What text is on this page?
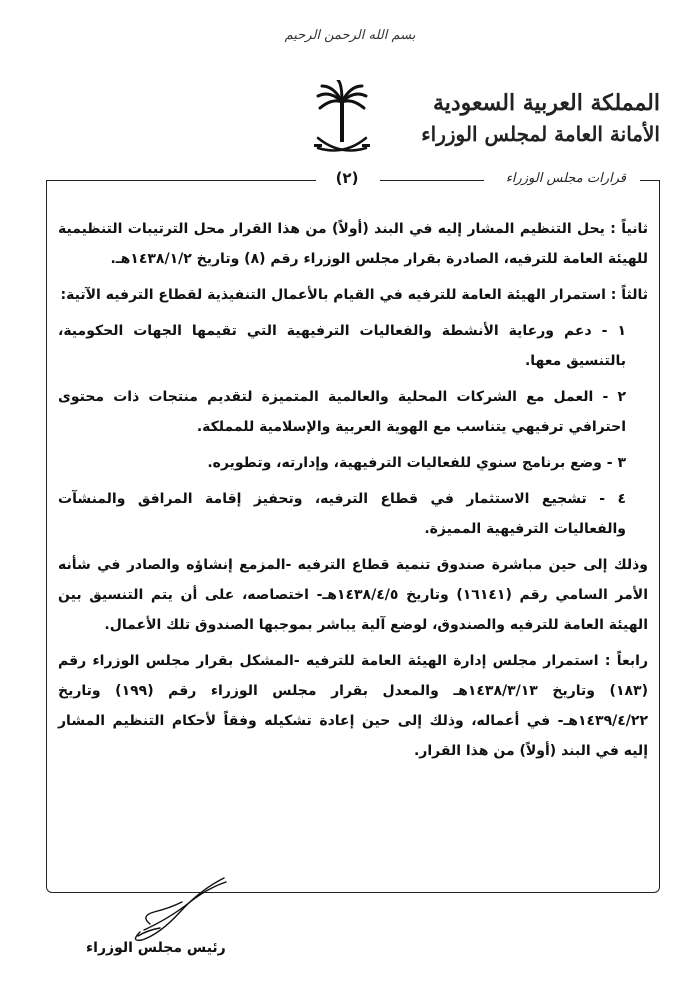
بسم الله الرحمن الرحيم
المملكة العربية السعودية
الأمانة العامة لمجلس الوزراء
(٢)	قرارات مجلس الوزراء

ثانياً : يحل التنظيم المشار إليه في البند (أولاً) من هذا القرار محل الترتيبات التنظيمية للهيئة العامة للترفيه، الصادرة بقرار مجلس الوزراء رقم (٨) وتاريخ ١٤٣٨/١/٢هـ.

ثالثاً : استمرار الهيئة العامة للترفيه في القيام بالأعمال التنفيذية لقطاع الترفيه الآتية:

١ - دعم ورعاية الأنشطة والفعاليات الترفيهية التي تقيمها الجهات الحكومية، بالتنسيق معها.

٢ - العمل مع الشركات المحلية والعالمية المتميزة لتقديم منتجات ذات محتوى احترافي ترفيهي يتناسب مع الهوية العربية والإسلامية للمملكة.

٣ - وضع برنامج سنوي للفعاليات الترفيهية، وإدارته، وتطويره.

٤ - تشجيع الاستثمار في قطاع الترفيه، وتحفيز إقامة المرافق والمنشآت والفعاليات الترفيهية المميزة.

وذلك إلى حين مباشرة صندوق تنمية قطاع الترفيه -المزمع إنشاؤه والصادر في شأنه الأمر السامي رقم (١٦١٤١) وتاريخ ١٤٣٨/٤/٥هـ- اختصاصه، على أن يتم التنسيق بين الهيئة العامة للترفيه والصندوق، لوضع آلية يباشر بموجبها الصندوق تلك الأعمال.

رابعاً : استمرار مجلس إدارة الهيئة العامة للترفيه -المشكل بقرار مجلس الوزراء رقم (١٨٣) وتاريخ ١٤٣٨/٣/١٣هـ والمعدل بقرار مجلس الوزراء رقم (١٩٩) وتاريخ ١٤٣٩/٤/٢٢هـ- في أعماله، وذلك إلى حين إعادة تشكيله وفقاً لأحكام التنظيم المشار إليه في البند (أولاً) من هذا القرار.

رئيس مجلس الوزراء
